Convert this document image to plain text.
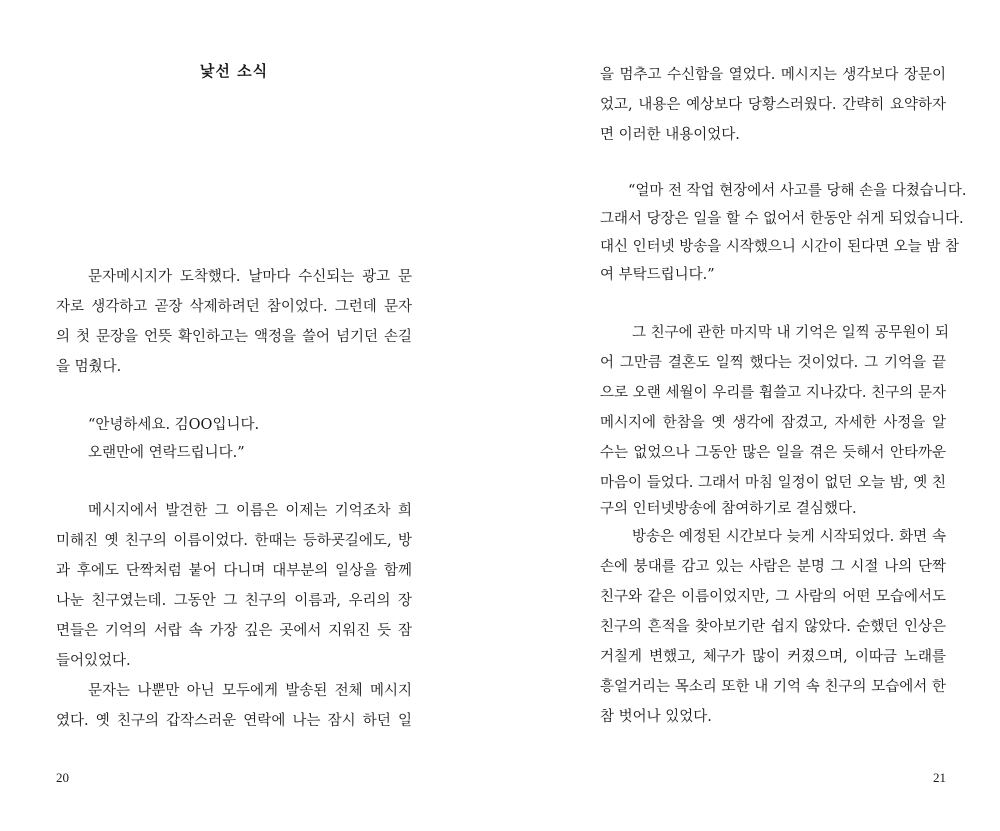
낯선 소식
문자메시지가 도착했다. 날마다 수신되는 광고 문
자로 생각하고 곧장 삭제하려던 참이었다. 그런데 문자
의 첫 문장을 언뜻 확인하고는 액정을 쓸어 넘기던 손길
을 멈췄다.
“안녕하세요. 김OO입니다.
오랜만에 연락드립니다.”
메시지에서 발견한 그 이름은 이제는 기억조차 희
미해진 옛 친구의 이름이었다. 한때는 등하굣길에도, 방
과 후에도 단짝처럼 붙어 다니며 대부분의 일상을 함께
나눈 친구였는데. 그동안 그 친구의 이름과, 우리의 장
면들은 기억의 서랍 속 가장 깊은 곳에서 지워진 듯 잠
들어있었다.
문자는 나뿐만 아닌 모두에게 발송된 전체 메시지
였다. 옛 친구의 갑작스러운 연락에 나는 잠시 하던 일
20
을 멈추고 수신함을 열었다. 메시지는 생각보다 장문이
었고, 내용은 예상보다 당황스러웠다. 간략히 요약하자
면 이러한 내용이었다.
“얼마 전 작업 현장에서 사고를 당해 손을 다쳤습니다.
그래서 당장은 일을 할 수 없어서 한동안 쉬게 되었습니다.
대신 인터넷 방송을 시작했으니 시간이 된다면 오늘 밤 참
여 부탁드립니다.”
그 친구에 관한 마지막 내 기억은 일찍 공무원이 되
어 그만큼 결혼도 일찍 했다는 것이었다. 그 기억을 끝
으로 오랜 세월이 우리를 휩쓸고 지나갔다. 친구의 문자
메시지에 한참을 옛 생각에 잠겼고, 자세한 사정을 알
수는 없었으나 그동안 많은 일을 겪은 듯해서 안타까운
마음이 들었다. 그래서 마침 일정이 없던 오늘 밤, 옛 친
구의 인터넷방송에 참여하기로 결심했다.
방송은 예정된 시간보다 늦게 시작되었다. 화면 속
손에 붕대를 감고 있는 사람은 분명 그 시절 나의 단짝
친구와 같은 이름이었지만, 그 사람의 어떤 모습에서도
친구의 흔적을 찾아보기란 쉽지 않았다. 순했던 인상은
거칠게 변했고, 체구가 많이 커졌으며, 이따금 노래를
흥얼거리는 목소리 또한 내 기억 속 친구의 모습에서 한
참 벗어나 있었다.
21
